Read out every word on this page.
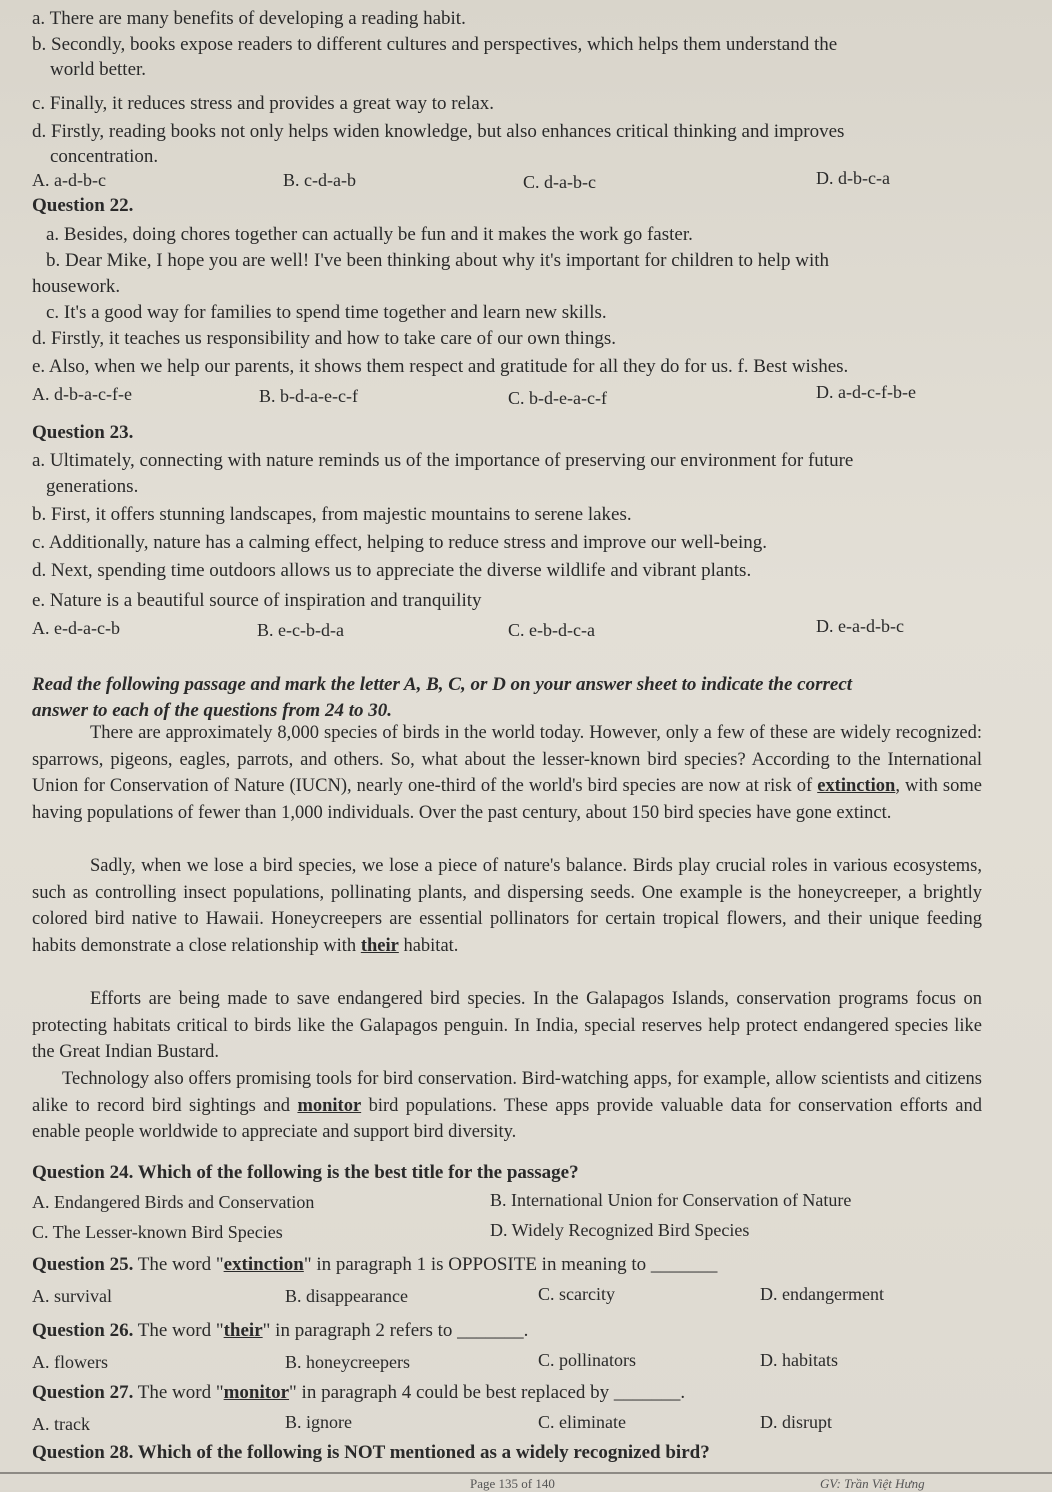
a. There are many benefits of developing a reading habit.
b. Secondly, books expose readers to different cultures and perspectives, which helps them understand the
world better.
c. Finally, it reduces stress and provides a great way to relax.
d. Firstly, reading books not only helps widen knowledge, but also enhances critical thinking and improves
concentration.
A. a-d-b-c	B. c-d-a-b	C. d-a-b-c	D. d-b-c-a
Question 22.
a. Besides, doing chores together can actually be fun and it makes the work go faster.
b. Dear Mike, I hope you are well! I've been thinking about why it's important for children to help with
housework.
c. It's a good way for families to spend time together and learn new skills.
d. Firstly, it teaches us responsibility and how to take care of our own things.
e. Also, when we help our parents, it shows them respect and gratitude for all they do for us. f. Best wishes.
A. d-b-a-c-f-e	B. b-d-a-e-c-f	C. b-d-e-a-c-f	D. a-d-c-f-b-e
Question 23.
a. Ultimately, connecting with nature reminds us of the importance of preserving our environment for future
generations.
b. First, it offers stunning landscapes, from majestic mountains to serene lakes.
c. Additionally, nature has a calming effect, helping to reduce stress and improve our well-being.
d. Next, spending time outdoors allows us to appreciate the diverse wildlife and vibrant plants.
e. Nature is a beautiful source of inspiration and tranquility
A. e-d-a-c-b	B. e-c-b-d-a	C. e-b-d-c-a	D. e-a-d-b-c
Read the following passage and mark the letter A, B, C, or D on your answer sheet to indicate the correct
answer to each of the questions from 24 to 30.
There are approximately 8,000 species of birds in the world today. However, only a few of these are widely recognized: sparrows, pigeons, eagles, parrots, and others. So, what about the lesser-known bird species? According to the International Union for Conservation of Nature (IUCN), nearly one-third of the world's bird species are now at risk of extinction, with some having populations of fewer than 1,000 individuals. Over the past century, about 150 bird species have gone extinct.
Sadly, when we lose a bird species, we lose a piece of nature's balance. Birds play crucial roles in various ecosystems, such as controlling insect populations, pollinating plants, and dispersing seeds. One example is the honeycreeper, a brightly colored bird native to Hawaii. Honeycreepers are essential pollinators for certain tropical flowers, and their unique feeding habits demonstrate a close relationship with their habitat.
Efforts are being made to save endangered bird species. In the Galapagos Islands, conservation programs focus on protecting habitats critical to birds like the Galapagos penguin. In India, special reserves help protect endangered species like the Great Indian Bustard.
Technology also offers promising tools for bird conservation. Bird-watching apps, for example, allow scientists and citizens alike to record bird sightings and monitor bird populations. These apps provide valuable data for conservation efforts and enable people worldwide to appreciate and support bird diversity.
Question 24. Which of the following is the best title for the passage?
A. Endangered Birds and Conservation	B. International Union for Conservation of Nature
C. The Lesser-known Bird Species	D. Widely Recognized Bird Species
Question 25. The word "extinction" in paragraph 1 is OPPOSITE in meaning to _______
A. survival	B. disappearance	C. scarcity	D. endangerment
Question 26. The word "their" in paragraph 2 refers to _______.
A. flowers	B. honeycreepers	C. pollinators	D. habitats
Question 27. The word "monitor" in paragraph 4 could be best replaced by _______.
A. track	B. ignore	C. eliminate	D. disrupt
Question 28. Which of the following is NOT mentioned as a widely recognized bird?
Page 135 of 140	GV: Trần Việt Hưng
